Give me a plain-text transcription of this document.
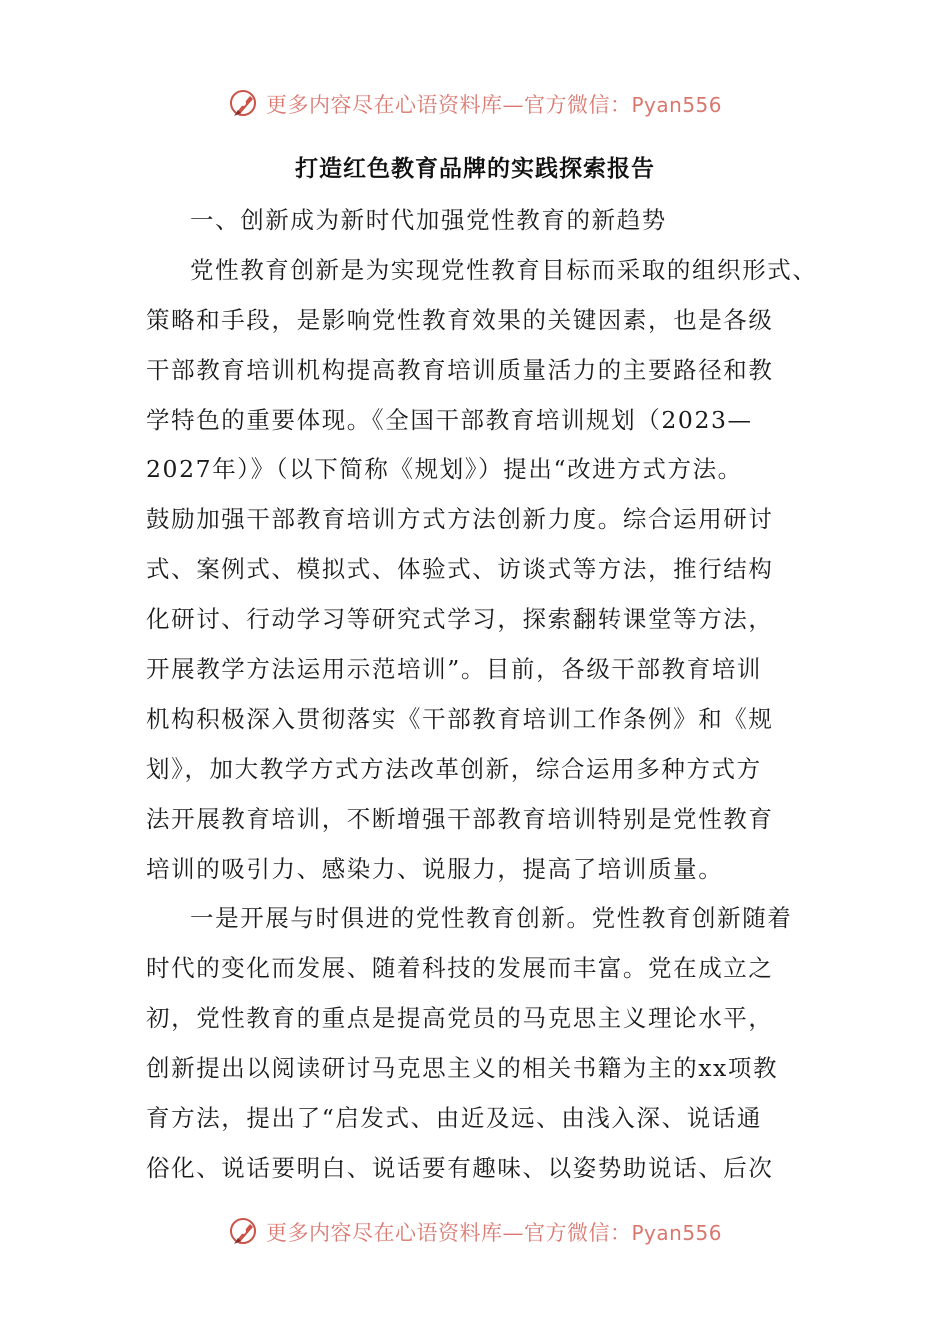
更多内容尽在心语资料库—官方微信：Pyan556
打造红色教育品牌的实践探索报告
一、创新成为新时代加强党性教育的新趋势
党性教育创新是为实现党性教育目标而采取的组织形式、
策略和手段，是影响党性教育效果的关键因素，也是各级
干部教育培训机构提高教育培训质量活力的主要路径和教
学特色的重要体现。《全国干部教育培训规划（2023—
2027年）》（以下简称《规划》）提出“改进方式方法。
鼓励加强干部教育培训方式方法创新力度。综合运用研讨
式、案例式、模拟式、体验式、访谈式等方法，推行结构
化研讨、行动学习等研究式学习，探索翻转课堂等方法，
开展教学方法运用示范培训”。目前，各级干部教育培训
机构积极深入贯彻落实《干部教育培训工作条例》和《规
划》，加大教学方式方法改革创新，综合运用多种方式方
法开展教育培训，不断增强干部教育培训特别是党性教育
培训的吸引力、感染力、说服力，提高了培训质量。
一是开展与时俱进的党性教育创新。党性教育创新随着
时代的变化而发展、随着科技的发展而丰富。党在成立之
初，党性教育的重点是提高党员的马克思主义理论水平，
创新提出以阅读研讨马克思主义的相关书籍为主的xx项教
育方法，提出了“启发式、由近及远、由浅入深、说话通
俗化、说话要明白、说话要有趣味、以姿势助说话、后次
更多内容尽在心语资料库—官方微信：Pyan556
